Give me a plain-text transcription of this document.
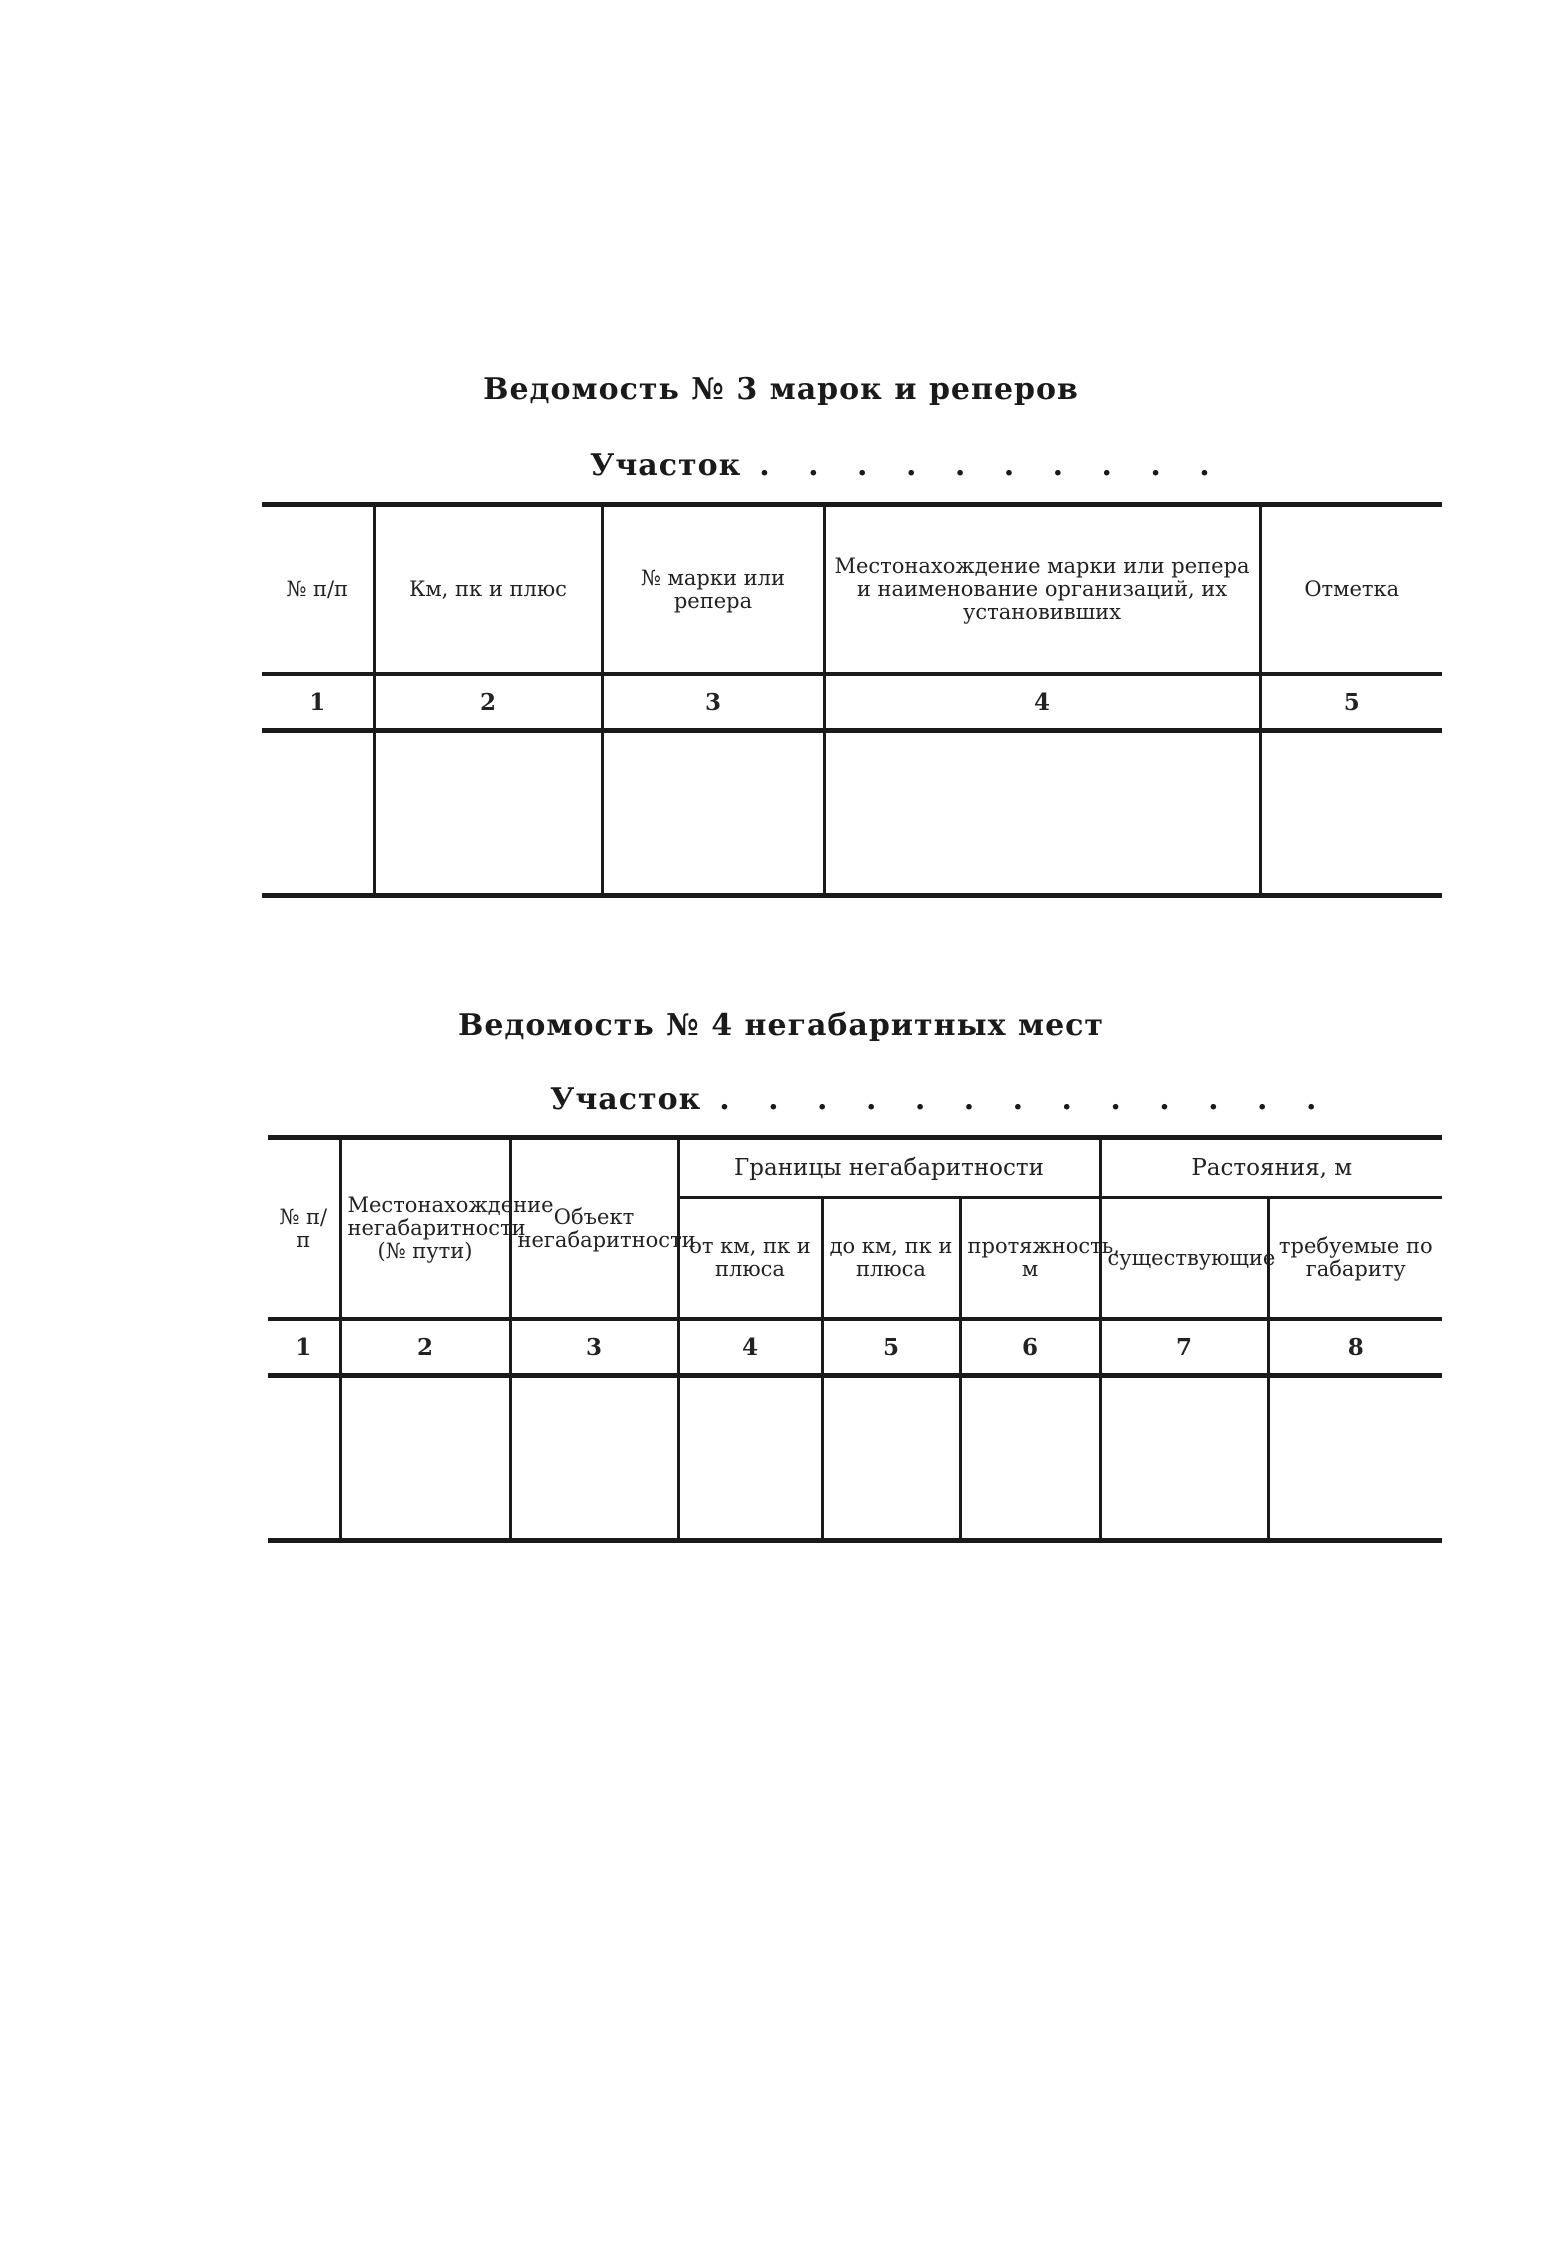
Ведомость № 3 марок и реперов
Участок . . . . . . . . . .
№ п/п	Км, пк и плюс	№ марки или репера	Местонахождение марки или репера и наименование организаций, их установивших	Отметка
1	2	3	4	5

Ведомость № 4 негабаритных мест
Участок . . . . . . . . . . . . .
№ п/п	Местонахождение негабаритности (№ пути)	Объект негабаритности	Границы негабаритности			Растояния, м	
			от км, пк и плюса	до км, пк и плюса	протяжность, м	существующие	требуемые по габариту
1	2	3	4	5	6	7	8
